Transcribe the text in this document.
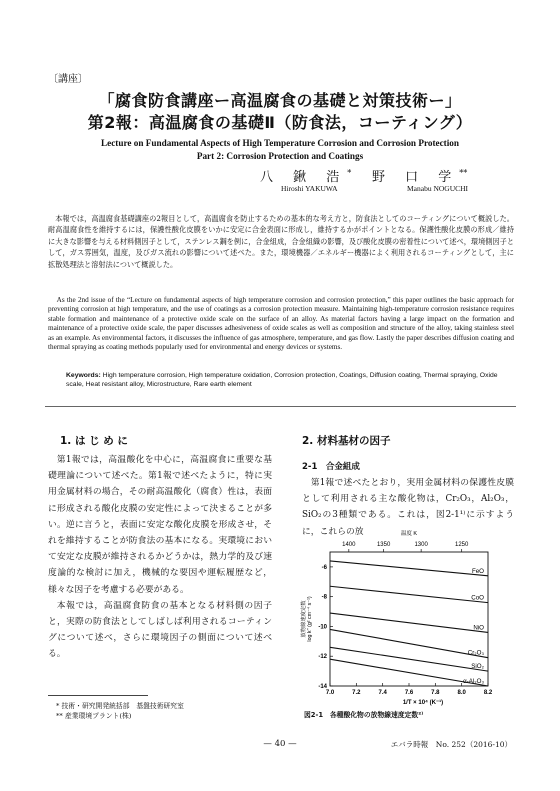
〔講座〕
「腐食防食講座ー高温腐食の基礎と対策技術ー」
第2報：高温腐食の基礎Ⅱ（防食法，コーティング）
Lecture on Fundamental Aspects of High Temperature Corrosion and Corrosion Protection
Part 2: Corrosion Protection and Coatings
八 鍬 浩* 野 口 学**
Hiroshi YAKUWA	Manabu NOGUCHI
本報では，高温腐食基礎講座の2報目として，高温腐食を防止するための基本的な考え方と，防食法としてのコーティングについて概説した。耐高温腐食性を維持するには，保護性酸化皮膜をいかに安定に合金表面に形成し，維持するかがポイントとなる。保護性酸化皮膜の形成／維持に大きな影響を与える材料側因子として，ステンレス鋼を例に，合金組成，合金組織の影響，及び酸化皮膜の密着性について述べ，環境側因子として，ガス雰囲気，温度，及びガス流れの影響について述べた。また，環境機器／エネルギー機器によく利用されるコーティングとして，主に拡散処理法と溶射法について概説した。
As the 2nd issue of the “Lecture on fundamental aspects of high temperature corrosion and corrosion protection,” this paper outlines the basic approach for preventing corrosion at high temperature, and the use of coatings as a corrosion protection measure. Maintaining high-temperature corrosion resistance requires stable formation and maintenance of a protective oxide scale on the surface of an alloy. As material factors having a large impact on the formation and maintenance of a protective oxide scale, the paper discusses adhesiveness of oxide scales as well as composition and structure of the alloy, taking stainless steel as an example. As environmental factors, it discusses the influence of gas atmosphere, temperature, and gas flow. Lastly the paper describes diffusion coating and thermal spraying as coating methods popularly used for environmental and energy devices or systems.
Keywords: High temperature corrosion, High temperature oxidation, Corrosion protection, Coatings, Diffusion coating, Thermal spraying, Oxide scale, Heat resistant alloy, Microstructure, Rare earth element
1. は じ め に

第1報では，高温酸化を中心に，高温腐食に重要な基礎理論について述べた。第1報で述べたように，特に実用金属材料の場合，その耐高温酸化（腐食）性は，表面に形成される酸化皮膜の安定性によって決まることが多い。逆に言うと，表面に安定な酸化皮膜を形成させ，それを維持することが防食法の基本になる。実環境において安定な皮膜が維持されるかどうかは，熱力学的及び速度論的な検討に加え，機械的な要因や運転履歴など，様々な因子を考慮する必要がある。

本報では，高温腐食防食の基本となる材料側の因子と，実際の防食法としてしばしば利用されるコーティングについて述べ，さらに環境因子の側面について述べる。

* 技術・研究開発統括部　基盤技術研究室
** 産業環境プラント(株)
2. 材料基材の因子
2-1　合金組成

第1報で述べたとおり，実用金属材料の保護性皮膜として利用される主な酸化物は，Cr₂O₃，Al₂O₃，SiO₂の3種類である。これは，図2-1¹⁾に示すように，これらの放	温度 K
1400	1350	1300	1250
7.0	7.2	7.4	7.6	7.8	8.0	8.2
-6
-8
-10
-12
-14
1/T × 10⁴ (K⁻¹)
log k'' (g² cm⁻⁴ s⁻¹)
放物線速度定数
FeO
CoO
NiO
Cr₂O₃
SiO₂
α-Al₂O₃
図2-1　各種酸化物の放物線速度定数²⁾
— 40 —	エバラ時報　No. 252（2016-10）
